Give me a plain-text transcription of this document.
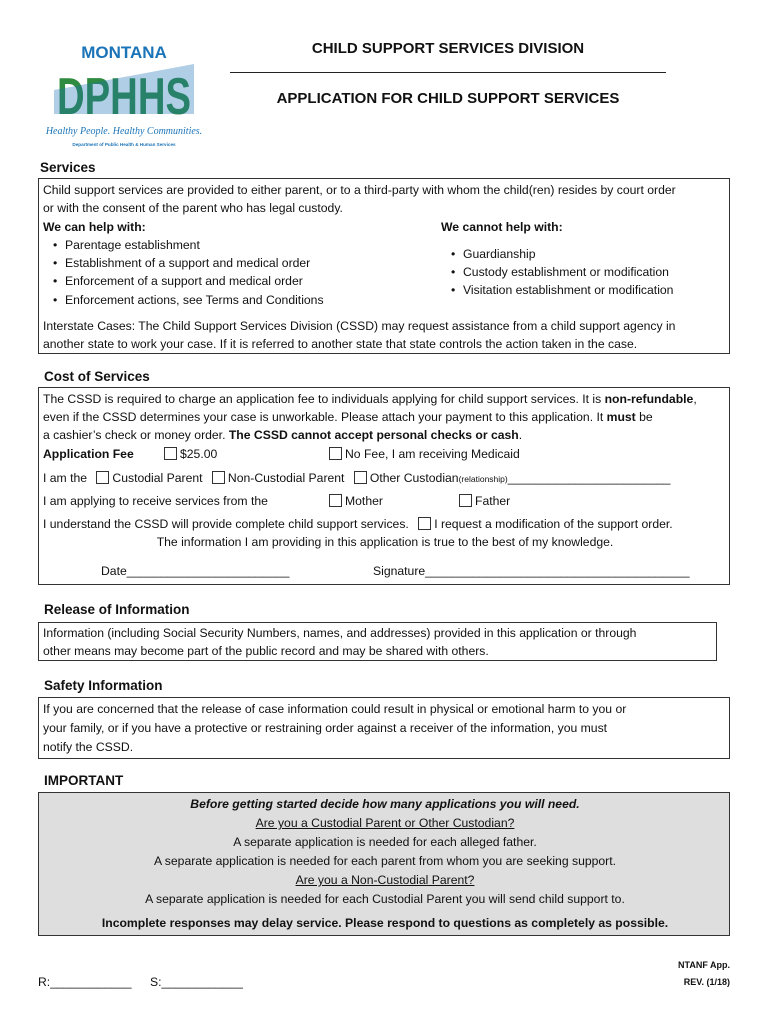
MONTANA
DPHHS
Healthy People. Healthy Communities.
Department of Public Health & Human Services
CHILD SUPPORT SERVICES DIVISION
APPLICATION FOR CHILD SUPPORT SERVICES
Services
Child support services are provided to either parent, or to a third-party with whom the child(ren) resides by court order
or with the consent of the parent who has legal custody.
We can help with:
• Parentage establishment
• Establishment of a support and medical order
• Enforcement of a support and medical order
• Enforcement actions, see Terms and Conditions
We cannot help with:
• Guardianship
• Custody establishment or modification
• Visitation establishment or modification
Interstate Cases: The Child Support Services Division (CSSD) may request assistance from a child support agency in
another state to work your case. If it is referred to another state that state controls the action taken in the case.
Cost of Services
The CSSD is required to charge an application fee to individuals applying for child support services. It is non-refundable,
even if the CSSD determines your case is unworkable. Please attach your payment to this application. It must be
a cashier’s check or money order. The CSSD cannot accept personal checks or cash.
Application Fee	$25.00	No Fee, I am receiving Medicaid
I am the Custodial Parent Non-Custodial Parent Other Custodian(relationship)________________________
I am applying to receive services from the	Mother	Father
I understand the CSSD will provide complete child support services. I request a modification of the support order.
The information I am providing in this application is true to the best of my knowledge.
Date________________________	Signature_______________________________________
Release of Information
Information (including Social Security Numbers, names, and addresses) provided in this application or through
other means may become part of the public record and may be shared with others.
Safety Information
If you are concerned that the release of case information could result in physical or emotional harm to you or
your family, or if you have a protective or restraining order against a receiver of the information, you must
notify the CSSD.
IMPORTANT
Before getting started decide how many applications you will need.
Are you a Custodial Parent or Other Custodian?
A separate application is needed for each alleged father.
A separate application is needed for each parent from whom you are seeking support.
Are you a Non-Custodial Parent?
A separate application is needed for each Custodial Parent you will send child support to.
Incomplete responses may delay service. Please respond to questions as completely as possible.
R:____________ S:____________
NTANF App.
REV. (1/18)
